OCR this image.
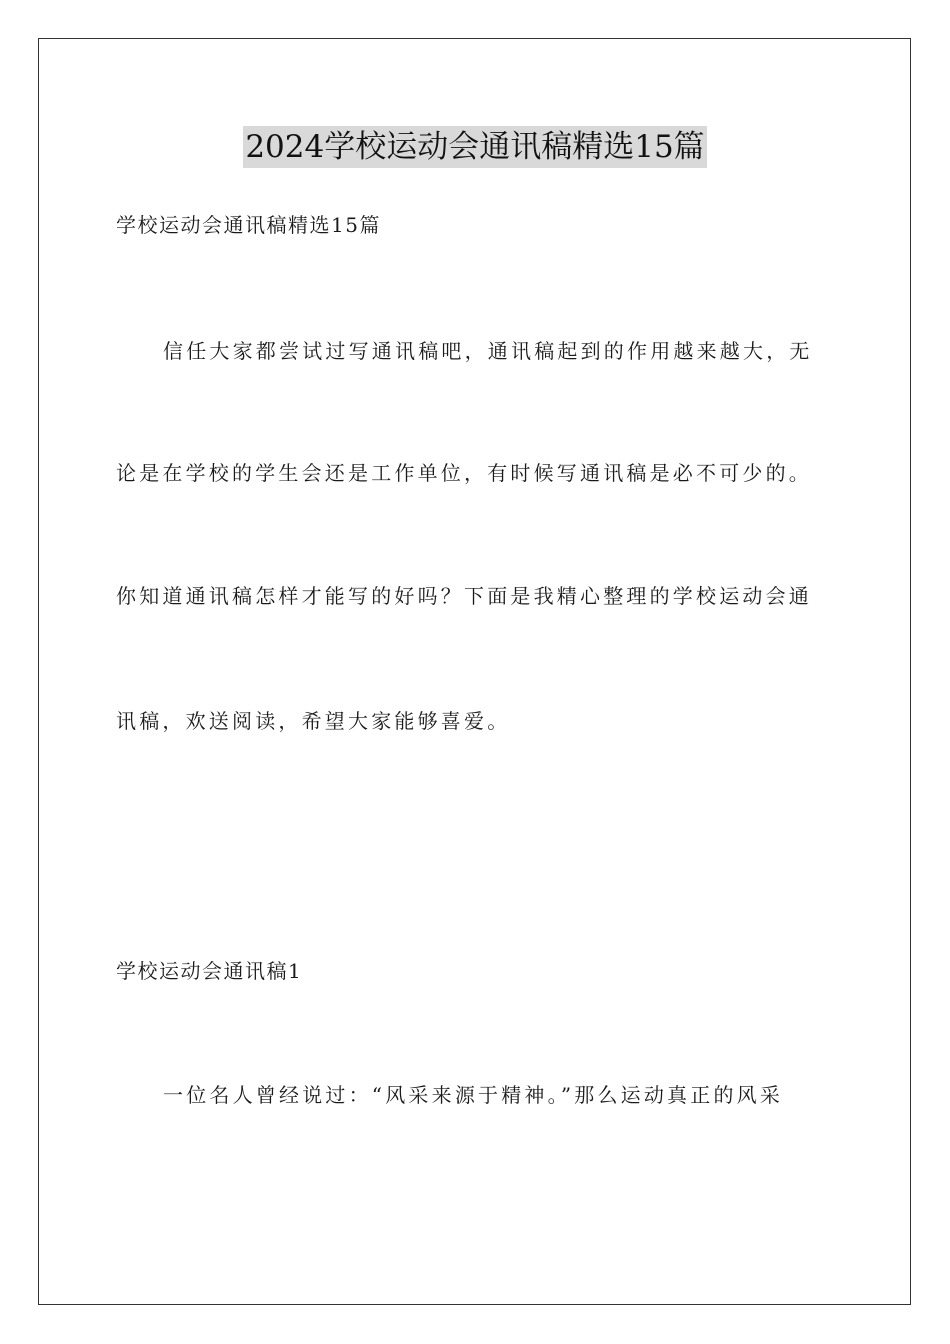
2024学校运动会通讯稿精选15篇
学校运动会通讯稿精选15篇
信任大家都尝试过写通讯稿吧，通讯稿起到的作用越来越大，无
论是在学校的学生会还是工作单位，有时候写通讯稿是必不可少的。
你知道通讯稿怎样才能写的好吗？下面是我精心整理的学校运动会通
讯稿，欢送阅读，希望大家能够喜爱。
学校运动会通讯稿1
一位名人曾经说过：“风采来源于精神。”那么运动真正的风采
